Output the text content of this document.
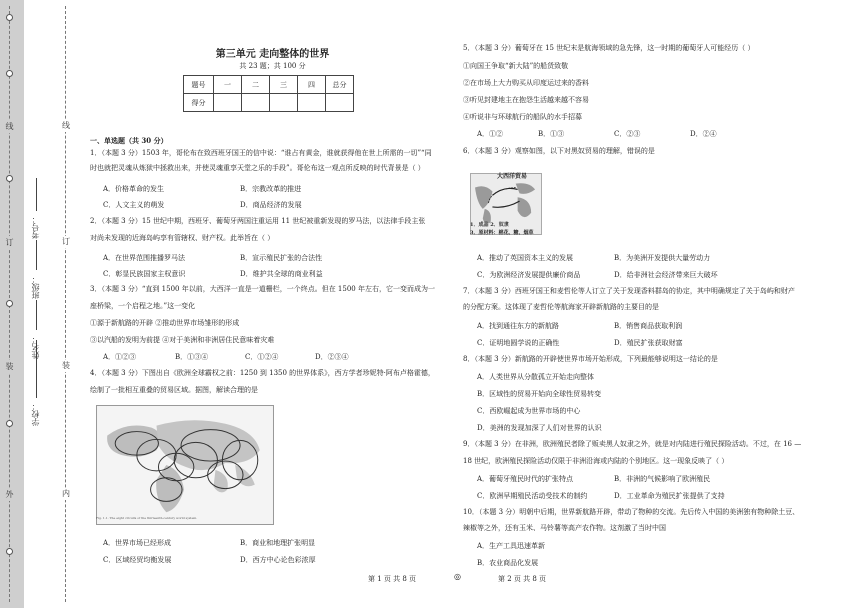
线
订
装
外
线
订
装
内
学校：
姓名：
班级：
考号：
第三单元 走向整体的世界
共 23 题；共 100 分
题号	一	二	三	四	总分
得分					
一、单选题（共 30 分）
1．（本题 3 分）1503 年，哥伦布在致西班牙国王的信中说：“谁占有黄金，谁就获得他在世上所需的一切”“同
时也就把灵魂从炼狱中拯救出来，并使灵魂重享天堂之乐的手段”。哥伦布这一观点所反映的时代背景是（ ）
A．价格革命的发生	B．宗教改革的推进
C．人文主义的萌发	D．商品经济的发展
2．（本题 3 分）15 世纪中期，西班牙、葡萄牙两国注重运用 11 世纪被重新发现的罗马法，以法律手段主张
对尚未发现的近海岛屿享有管辖权、财产权。此举旨在（ ）
A．在世界范围推播罗马法	B．宣示殖民扩张的合法性
C．彰显民族国家主权意识	D．维护共全球的商业利益
3．（本题 3 分）“直到 1500 年以前，大西洋一直是一道栅栏，一个终点。但在 1500 年左右，它一变而成为一
座桥梁，一个启程之地。”这一变化
①源于新航路的开辟 ②推动世界市场雏形的形成
③以汽船的发明为前提 ④对于美洲和非洲居住民意味着灾难
A．①②③	B．①③④	C．①②④	D．②③④
4．（本题 3 分）下图出自《欧洲全球霸权之前：1250 到 1350 的世界体系》，西方学者珍妮特·阿布卢格霍德，
绘制了一批相互重叠的贸易区域。据图，解读合理的是
Fig. 1.1. The eight circuits of the thirteenth-century world system.
A．世界市场已经形成	B．商业和地理扩张明显
C．区域经贸均衡发展	D．西方中心论色彩浓厚
5．（本题 3 分）葡萄牙在 15 世纪末是航海领域的急先锋，这一时期的葡萄牙人可能经历（ ）
①向国王争取“新大陆”的船货致敬
②在市场上大力购买从印度运过来的香料
③听见封建地主在抱怨生活越来越不容易
④听说非与环球航行的船队的水手招募
A．①②	B．①③	C．②③	D．②④
6．（本题 3 分）观察如图，以下对黑奴贸易的理解，错误的是
大西洋贸易
1．成品 2．奴隶
3．原材料：棉花、糖、烟草
A．推动了英国资本主义的发展	B．为美洲开发提供大量劳动力
C．为欧洲经济发展提供廉价商品	D．给非洲社会经济带来巨大破坏
7．（本题 3 分）西班牙国王和麦哲伦等人订立了关于发现香料群岛的协定，其中明确规定了关于岛屿和财产
的分配方案。这体现了麦哲伦等航海家开辟新航路的主要目的是
A．找到通往东方的新航路	B．销售商品获取利润
C．证明地圆学说的正确性	D．殖民扩张获取财富
8．（本题 3 分）新航路的开辟使世界市场开始形成，下列最能够说明这一结论的是
A．人类世界从分散孤立开始走向整体
B．区域性的贸易开始向全球性贸易转变
C．西欧崛起成为世界市场的中心
D．美洲的发现加深了人们对世界的认识
9．（本题 3 分）在非洲，欧洲殖民者除了贩卖黑人奴隶之外，就是对内陆进行殖民探险活动。不过，在 16 —
18 世纪，欧洲殖民探险活动仅限于非洲沿海或内陆的个别地区。这一现象反映了（ ）
A．葡萄牙殖民时代的扩张特点	B．非洲的气候影响了欧洲殖民
C．欧洲早期殖民活动受技术的制约	D．工业革命为殖民扩张提供了支持
10．（本题 3 分）明朝中后期，世界新航路开辟，带动了物种的交流。先后传入中国的美洲独有物种除土豆、
辣椒等之外，还有玉米、马铃薯等高产农作物。这剂激了当时中国
A．生产工具迅速革新
B．农业商品化发展
第 1 页 共 8 页	◎	第 2 页 共 8 页
